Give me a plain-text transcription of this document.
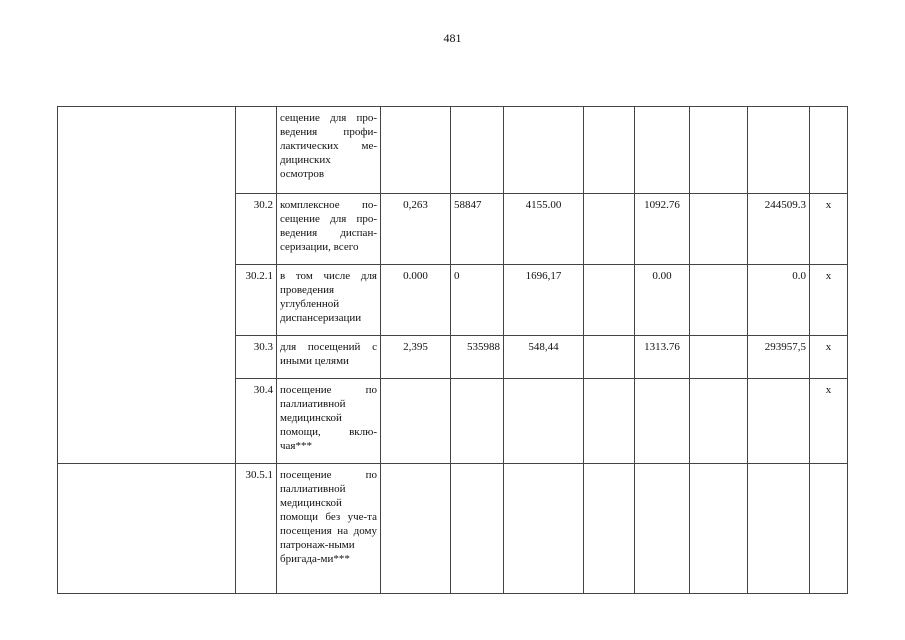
481
		сещение для про-ведения профи-лактических ме-дицинских осмотров								
	30.2	комплексное по-сещение для про-ведения диспан-серизации, всего	0,263	58847	4155.00		1092.76		244509.3	x
	30.2.1	в том числе для проведения углубленной диспансеризации	0.000	0	1696,17		0.00		0.0	x
	30.3	для посещений с иными целями	2,395	535988	548,44		1313.76		293957,5	x
	30.4	посещение по паллиативной медицинской помощи, вклю-чая***								x
	30.5.1	посещение по паллиативной медицинской помощи без уче-та посещения на дому патронаж-ными бригада-ми***								
